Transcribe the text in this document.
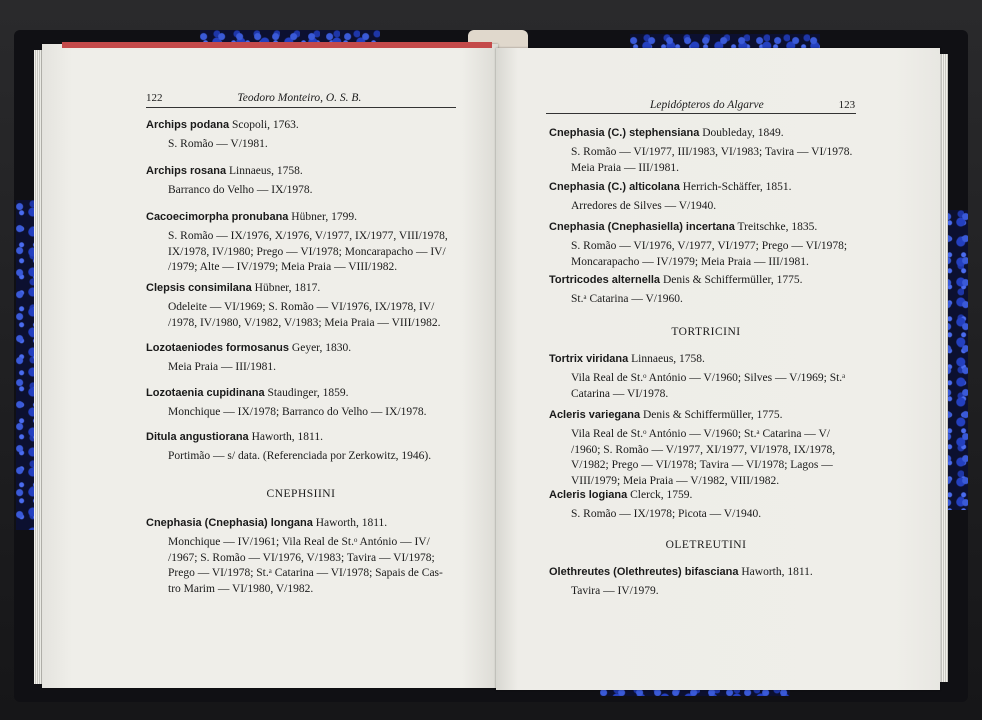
122	Teodoro Monteiro, O. S. B.
Archips podana Scopoli, 1763.
S. Romão — V/1981.
Archips rosana Linnaeus, 1758.
Barranco do Velho — IX/1978.
Cacoecimorpha pronubana Hübner, 1799.
S. Romão — IX/1976, X/1976, V/1977, IX/1977, VIII/1978,
IX/1978, IV/1980; Prego — VI/1978; Moncarapacho — IV/
/1979; Alte — IV/1979; Meia Praia — VIII/1982.
Clepsis consimilana Hübner, 1817.
Odeleite — VI/1969; S. Romão — VI/1976, IX/1978, IV/
/1978, IV/1980, V/1982, V/1983; Meia Praia — VIII/1982.
Lozotaeniodes formosanus Geyer, 1830.
Meia Praia — III/1981.
Lozotaenia cupidinana Staudinger, 1859.
Monchique — IX/1978; Barranco do Velho — IX/1978.
Ditula angustiorana Haworth, 1811.
Portimão — s/ data. (Referenciada por Zerkowitz, 1946).
CNEPHSIINI
Cnephasia (Cnephasia) longana Haworth, 1811.
Monchique — IV/1961; Vila Real de St.ᵒ António — IV/
/1967; S. Romão — VI/1976, V/1983; Tavira — VI/1978;
Prego — VI/1978; St.ᵃ Catarina — VI/1978; Sapais de Cas-
tro Marim — VI/1980, V/1982.
Lepidópteros do Algarve	123
Cnephasia (C.) stephensiana Doubleday, 1849.
S. Romão — VI/1977, III/1983, VI/1983; Tavira — VI/1978.
Meia Praia — III/1981.
Cnephasia (C.) alticolana Herrich-Schäffer, 1851.
Arredores de Silves — V/1940.
Cnephasia (Cnephasiella) incertana Treitschke, 1835.
S. Romão — VI/1976, V/1977, VI/1977; Prego — VI/1978;
Moncarapacho — IV/1979; Meia Praia — III/1981.
Tortricodes alternella Denis & Schiffermüller, 1775.
St.ᵃ Catarina — V/1960.
TORTRICINI
Tortrix viridana Linnaeus, 1758.
Vila Real de St.ᵒ António — V/1960; Silves — V/1969; St.ᵃ
Catarina — VI/1978.
Acleris variegana Denis & Schiffermüller, 1775.
Vila Real de St.ᵒ António — V/1960; St.ᵃ Catarina — V/
/1960; S. Romão — V/1977, XI/1977, VI/1978, IX/1978,
V/1982; Prego — VI/1978; Tavira — VI/1978; Lagos —
VIII/1979; Meia Praia — V/1982, VIII/1982.
Acleris logiana Clerck, 1759.
S. Romão — IX/1978; Picota — V/1940.
OLETREUTINI
Olethreutes (Olethreutes) bifasciana Haworth, 1811.
Tavira — IV/1979.
